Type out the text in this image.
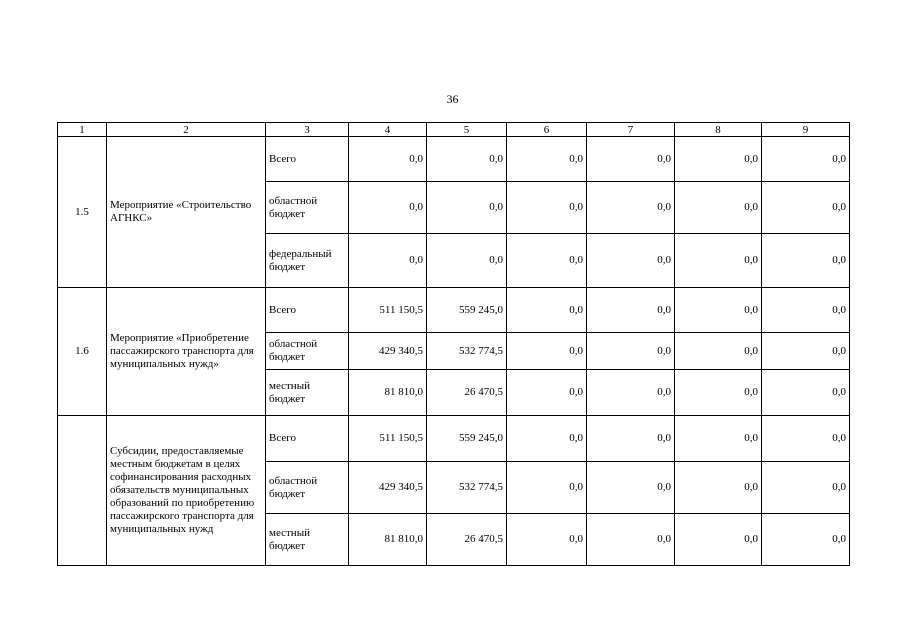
36
1	2	3	4	5	6	7	8	9
1.5	Мероприятие «Строительство АГНКС»	Всего	0,0	0,0	0,0	0,0	0,0	0,0
		областной бюджет	0,0	0,0	0,0	0,0	0,0	0,0
		федеральный бюджет	0,0	0,0	0,0	0,0	0,0	0,0
1.6	Мероприятие «Приобретение пассажирского транспорта для муниципальных нужд»	Всего	511 150,5	559 245,0	0,0	0,0	0,0	0,0
		областной бюджет	429 340,5	532 774,5	0,0	0,0	0,0	0,0
		местный бюджет	81 810,0	26 470,5	0,0	0,0	0,0	0,0
	Субсидии, предоставляемые местным бюджетам в целях софинансирования расходных обязательств муниципальных образований по приобретению пассажирского транспорта для муниципальных нужд	Всего	511 150,5	559 245,0	0,0	0,0	0,0	0,0
		областной бюджет	429 340,5	532 774,5	0,0	0,0	0,0	0,0
		местный бюджет	81 810,0	26 470,5	0,0	0,0	0,0	0,0
